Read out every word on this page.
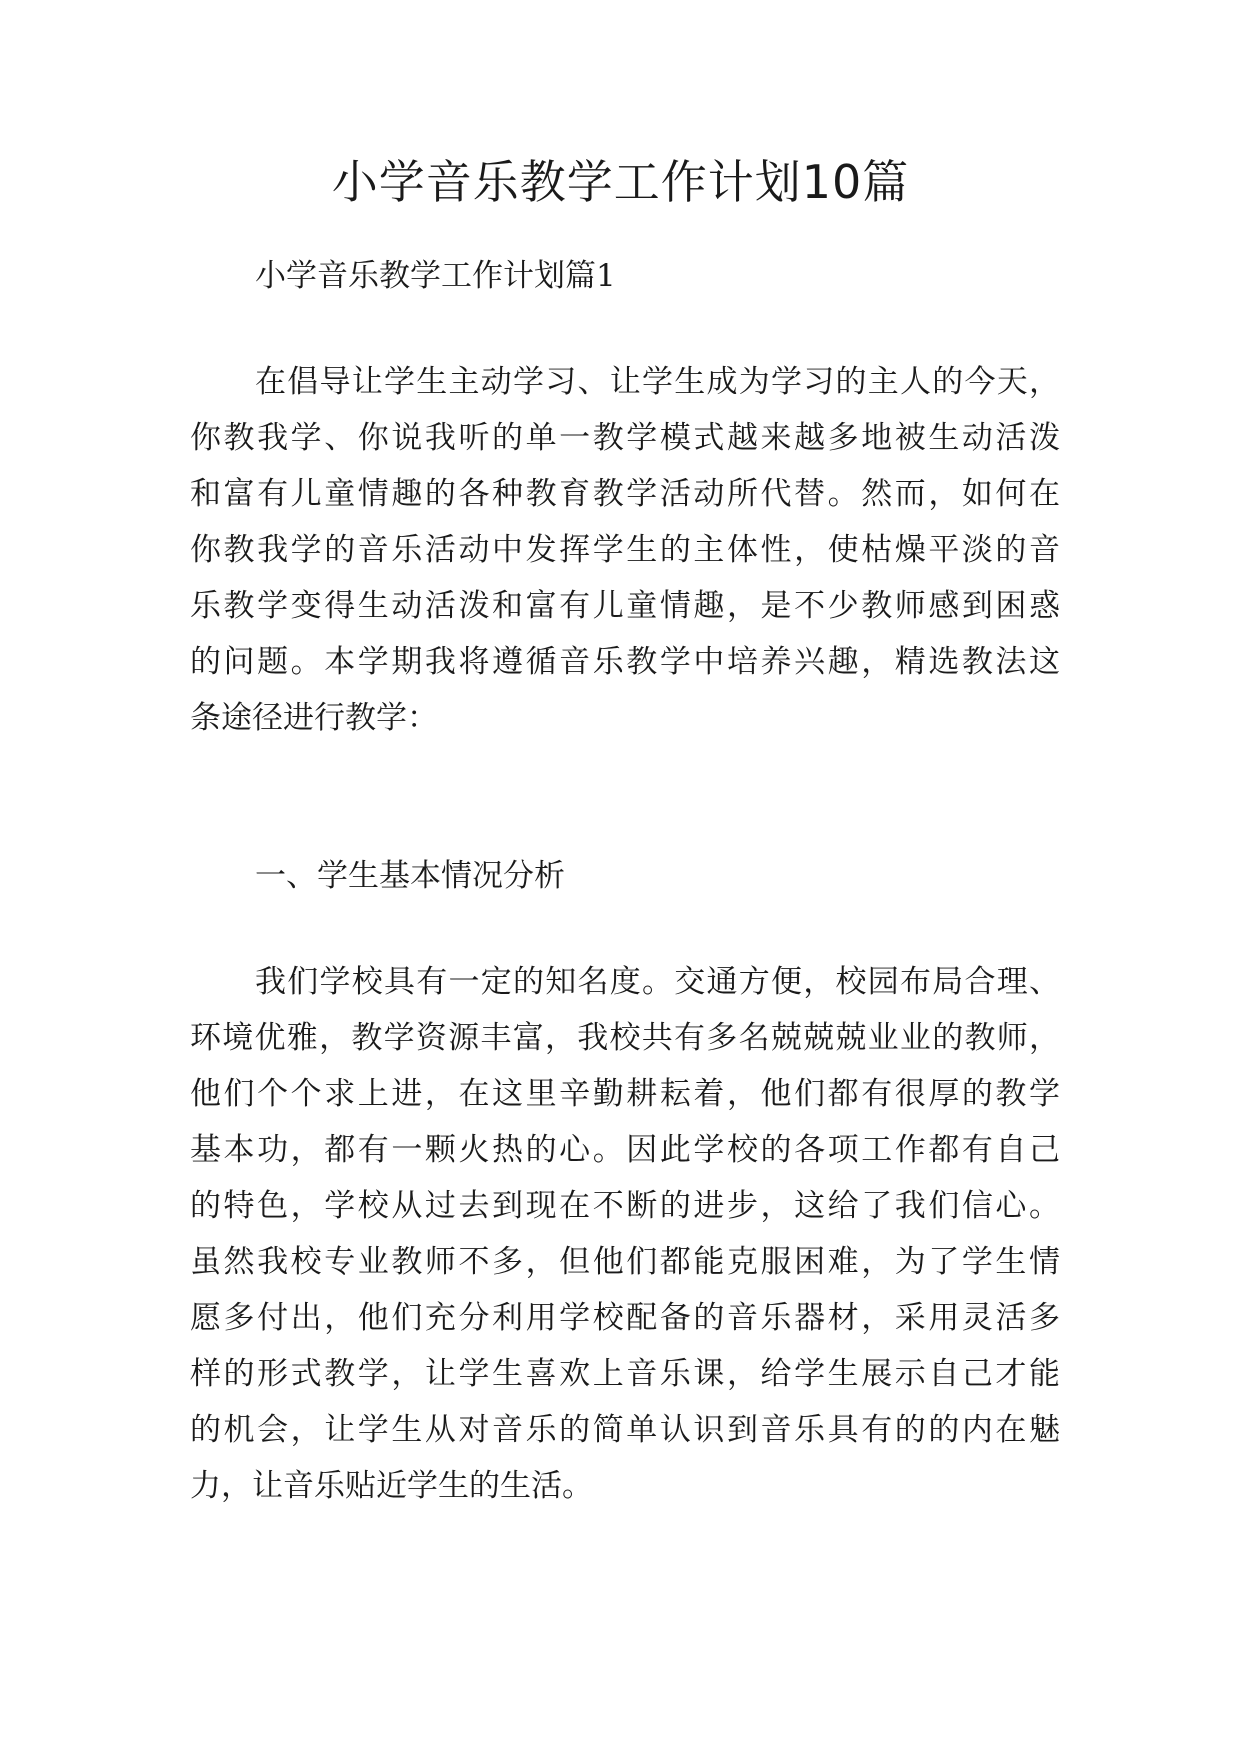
小学音乐教学工作计划10篇
小学音乐教学工作计划篇1
在倡导让学生主动学习、让学生成为学习的主人的今天，
你教我学、你说我听的单一教学模式越来越多地被生动活泼
和富有儿童情趣的各种教育教学活动所代替。然而，如何在
你教我学的音乐活动中发挥学生的主体性，使枯燥平淡的音
乐教学变得生动活泼和富有儿童情趣，是不少教师感到困惑
的问题。本学期我将遵循音乐教学中培养兴趣，精选教法这
条途径进行教学：
一、学生基本情况分析
我们学校具有一定的知名度。交通方便，校园布局合理、
环境优雅，教学资源丰富，我校共有多名兢兢兢业业的教师，
他们个个求上进，在这里辛勤耕耘着，他们都有很厚的教学
基本功，都有一颗火热的心。因此学校的各项工作都有自己
的特色，学校从过去到现在不断的进步，这给了我们信心。
虽然我校专业教师不多，但他们都能克服困难，为了学生情
愿多付出，他们充分利用学校配备的音乐器材，采用灵活多
样的形式教学，让学生喜欢上音乐课，给学生展示自己才能
的机会，让学生从对音乐的简单认识到音乐具有的的内在魅
力，让音乐贴近学生的生活。
